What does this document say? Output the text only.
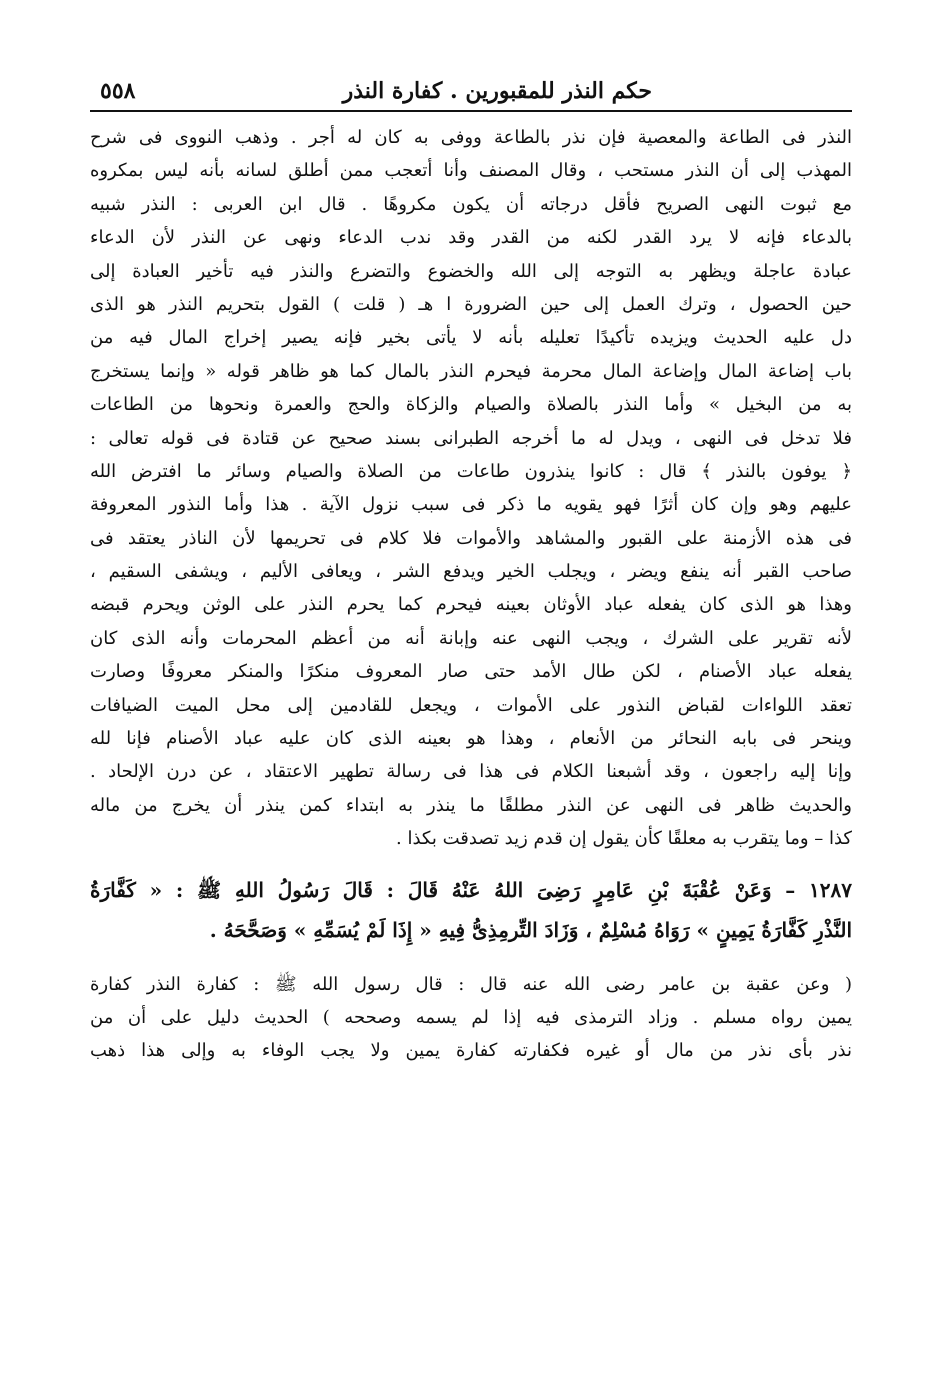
حكم النذر للمقبورين . كفارة النذر
٥٥٨
النذر فى الطاعة والمعصية فإن نذر بالطاعة ووفى به كان له أجر . وذهب النووى فى شرح
المهذب إلى أن النذر مستحب ، وقال المصنف وأنا أتعجب ممن أطلق لسانه بأنه ليس بمكروه
مع ثبوت النهى الصريح فأقل درجاته أن يكون مكروهًا . قال ابن العربى : النذر شبيه
بالدعاء فإنه لا يرد القدر لكنه من القدر وقد ندب الدعاء ونهى عن النذر لأن الدعاء
عبادة عاجلة ويظهر به التوجه إلى الله والخضوع والتضرع والنذر فيه تأخير العبادة إلى
حين الحصول ، وترك العمل إلى حين الضرورة ا هـ ( قلت ) القول بتحريم النذر هو الذى
دل عليه الحديث ويزيده تأكيدًا تعليله بأنه لا يأتى بخير فإنه يصير إخراج المال فيه من
باب إضاعة المال وإضاعة المال محرمة فيحرم النذر بالمال كما هو ظاهر قوله « وإنما يستخرج
به من البخيل » وأما النذر بالصلاة والصيام والزكاة والحج والعمرة ونحوها من الطاعات
فلا تدخل فى النهى ، ويدل له ما أخرجه الطبرانى بسند صحيح عن قتادة فى قوله تعالى :
﴿ يوفون بالنذر ﴾ قال : كانوا ينذرون طاعات من الصلاة والصيام وسائر ما افترض الله
عليهم وهو وإن كان أثرًا فهو يقويه ما ذكر فى سبب نزول الآية . هذا وأما النذور المعروفة
فى هذه الأزمنة على القبور والمشاهد والأموات فلا كلام فى تحريمها لأن الناذر يعتقد فى
صاحب القبر أنه ينفع ويضر ، ويجلب الخير ويدفع الشر ، ويعافى الأليم ، ويشفى السقيم ،
وهذا هو الذى كان يفعله عباد الأوثان بعينه فيحرم كما يحرم النذر على الوثن ويحرم قبضه
لأنه تقرير على الشرك ، ويجب النهى عنه وإبانة أنه من أعظم المحرمات وأنه الذى كان
يفعله عباد الأصنام ، لكن طال الأمد حتى صار المعروف منكرًا والمنكر معروفًا وصارت
تعقد اللواءات لقباض النذور على الأموات ، ويجعل للقادمين إلى محل الميت الضيافات
وينحر فى بابه النحائر من الأنعام ، وهذا هو بعينه الذى كان عليه عباد الأصنام فإنا لله
وإنا إليه راجعون ، وقد أشبعنا الكلام فى هذا فى رسالة تطهير الاعتقاد ، عن درن الإلحاد .
والحديث ظاهر فى النهى عن النذر مطلقًا ما ينذر به ابتداء كمن ينذر أن يخرج من ماله
كذا – وما يتقرب به معلقًا كأن يقول إن قدم زيد تصدقت بكذا .
١٢٨٧ – وَعَنْ عُقْبَةَ بْنِ عَامِرٍ رَضِىَ اللهُ عَنْهُ قَالَ : قَالَ رَسُولُ اللهِ ﷺ : « كَفَّارَةُ
النَّذْرِ كَفَّارَةُ يَمِينٍ » رَوَاهُ مُسْلِمٌ ، وَزَادَ التِّرمِذِىُّ فِيهِ « إِذَا لَمْ يُسَمِّهِ » وَصَحَّحَهُ .
( وعن عقبة بن عامر رضى الله عنه قال : قال رسول الله ﷺ : كفارة النذر كفارة
يمين رواه مسلم . وزاد الترمذى فيه إذا لم يسمه وصححه ) الحديث دليل على أن من
نذر بأى نذر من مال أو غيره فكفارته كفارة يمين ولا يجب الوفاء به وإلى هذا ذهب
